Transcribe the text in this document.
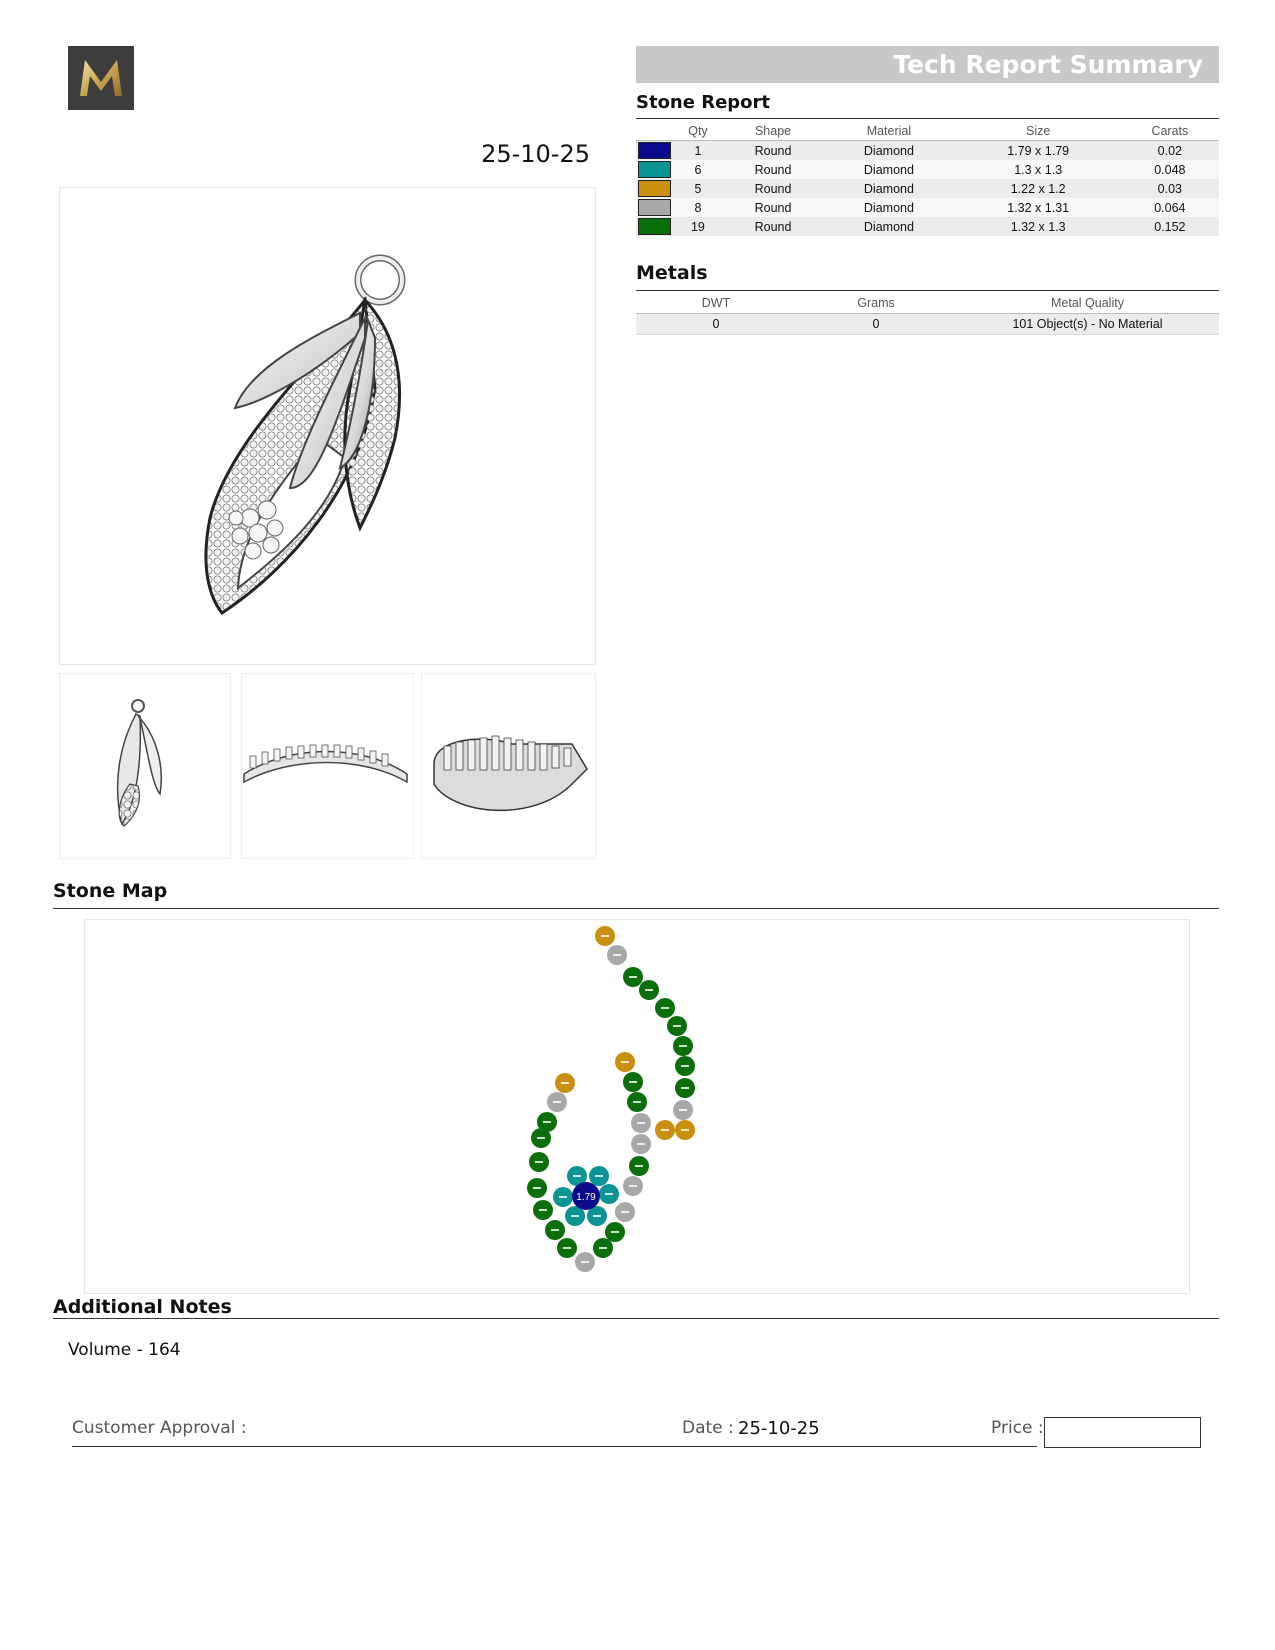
25-10-25
Tech Report Summary
Stone Report
	Qty	Shape	Material	Size	Carats
	1	Round	Diamond	1.79 x 1.79	0.02
	6	Round	Diamond	1.3 x 1.3	0.048
	5	Round	Diamond	1.22 x 1.2	0.03
	8	Round	Diamond	1.32 x 1.31	0.064
	19	Round	Diamond	1.32 x 1.3	0.152
Metals
DWT	Grams	Metal Quality
0	0	101 Object(s) - No Material
Stone Map
1.79
Additional Notes
Volume - 164
Customer Approval :	Date : 25-10-25	Price :
